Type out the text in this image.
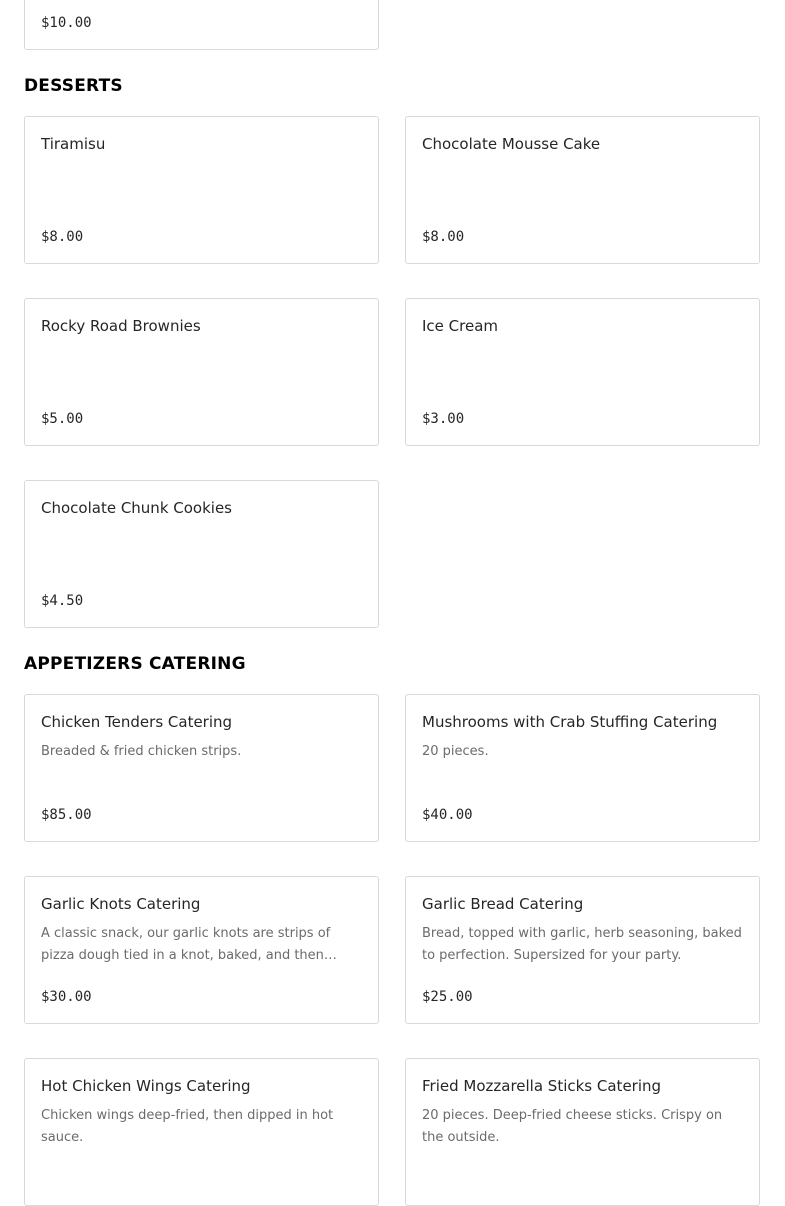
$10.00
DESSERTS
Tiramisu
$8.00
Chocolate Mousse Cake
$8.00
Rocky Road Brownies
$5.00
Ice Cream
$3.00
Chocolate Chunk Cookies
$4.50
APPETIZERS CATERING
Chicken Tenders Catering
Breaded & fried chicken strips.
$85.00
Mushrooms with Crab Stuffing Catering
20 pieces.
$40.00
Garlic Knots Catering
A classic snack, our garlic knots are strips of pizza dough tied in a knot, baked, and then…
$30.00
Garlic Bread Catering
Bread, topped with garlic, herb seasoning, baked to perfection. Supersized for your party.
$25.00
Hot Chicken Wings Catering
Chicken wings deep-fried, then dipped in hot sauce.
Fried Mozzarella Sticks Catering
20 pieces. Deep-fried cheese sticks. Crispy on the outside.
